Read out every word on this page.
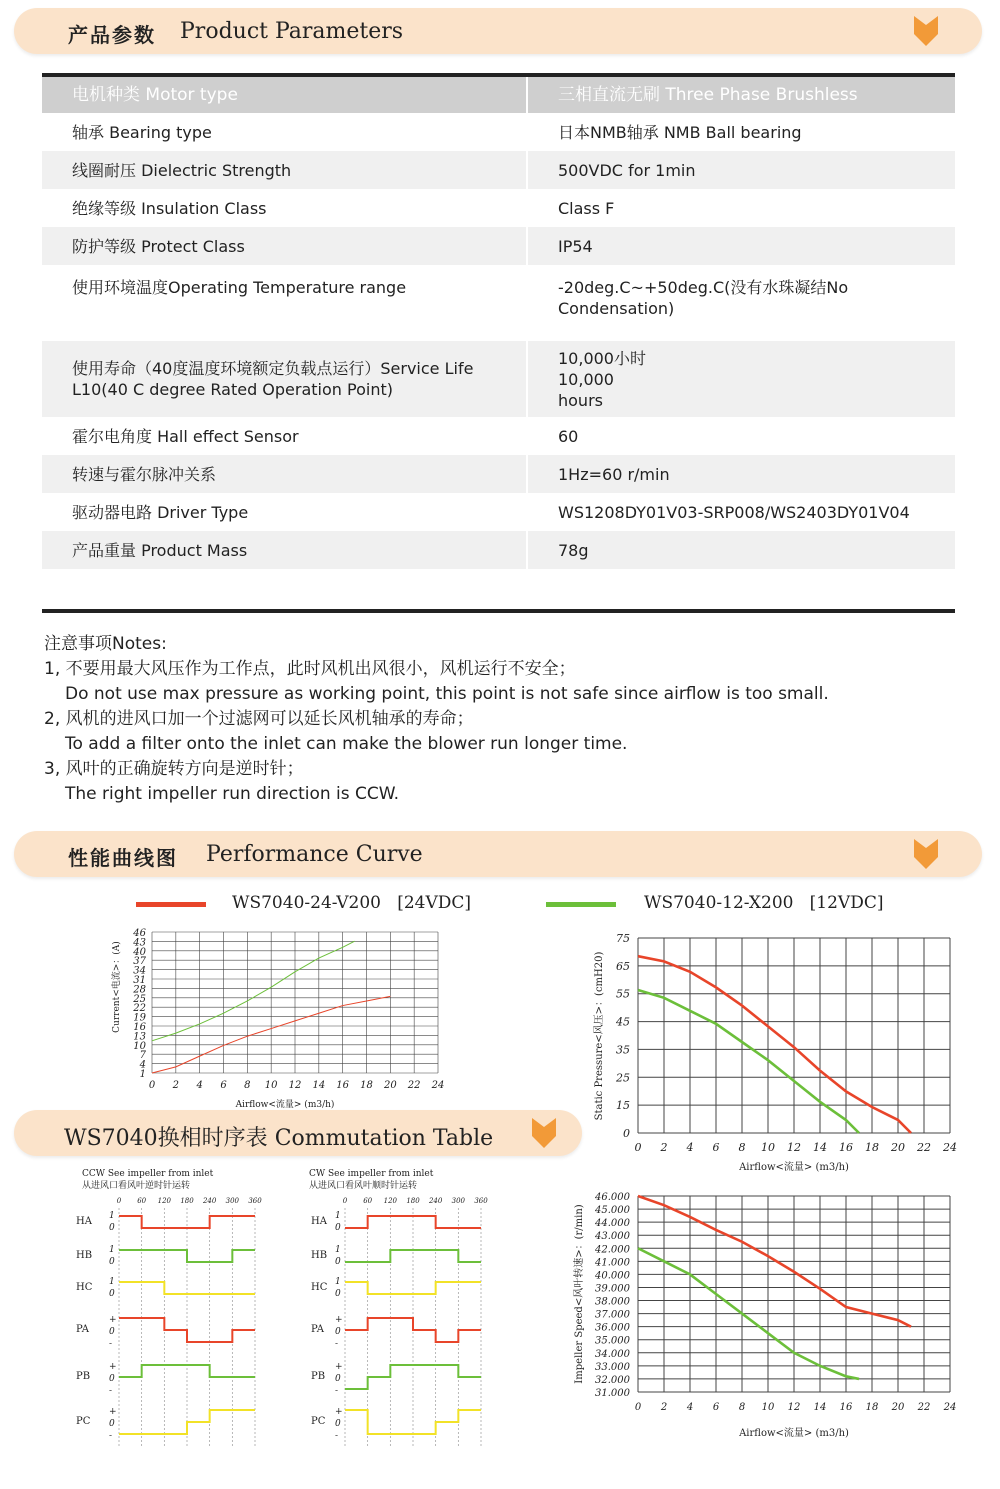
产品参数 Product Parameters
电机种类 Motor type	三相直流无刷 Three Phase Brushless
轴承 Bearing type	日本NMB轴承 NMB Ball bearing
线圈耐压 Dielectric Strength	500VDC for 1min
绝缘等级 Insulation Class	Class F
防护等级 Protect Class	IP54
使用环境温度Operating Temperature range	-20deg.C~+50deg.C(没有水珠凝结No Condensation)
使用寿命（40度温度环境额定负载点运行）Service Life L10(40 C degree Rated Operation Point)	10,000小时 10,000 hours
霍尔电角度 Hall effect Sensor	60
转速与霍尔脉冲关系	1Hz=60 r/min
驱动器电路 Driver Type	WS1208DY01V03-SRP008/WS2403DY01V04
产品重量 Product Mass	78g
注意事项Notes:
1, 不要用最大风压作为工作点，此时风机出风很小，风机运行不安全；
Do not use max pressure as working point, this point is not safe since airflow is too small.
2, 风机的进风口加一个过滤网可以延长风机轴承的寿命；
To add a filter onto the inlet can make the blower run longer time.
3, 风叶的正确旋转方向是逆时针；
The right impeller run direction is CCW.
性能曲线图 Performance Curve
WS7040-24-V200 [24VDC]	WS7040-12-X200 [12VDC]
0 2 4 6 8 10 12 14 16 18 20 22 24
1
4
7
10
13
16
19
22
25
28
31
34
37
40
43
46
Airflow<流量> (m3/h)
Current<电流>：(A)
0 2 4 6 8 10 12 14 16 18 20 22 24
0
15
25
35
45
55
65
75
Airflow<流量> (m3/h)
Static Pressure<风压>：(cmH20)
0 2 4 6 8 10 12 14 16 18 20 22 24
31.000
32.000
33.000
34.000
35.000
36.000
37.000
38.000
39.000
40.000
41.000
42.000
43.000
44.000
45.000
46.000
Airflow<流量> (m3/h)
Impeller Speed<风叶转速>：(r/min)
WS7040换相时序表 Commutation Table
CCW See impeller from inlet
从进风口看风叶逆时针运转
0 60 120 180 240 300 360
HA 1
0
HB 1
0
HC 1
0
PA
+
0
-
PB
+
0
-
PC
+
0
-
CW See impeller from inlet
从进风口看风叶顺时针运转
0 60 120 180 240 300 360
HA 1
0
HB 1
0
HC 1
0
PA
+
0
-
PB
+
0
-
PC
+
0
-
